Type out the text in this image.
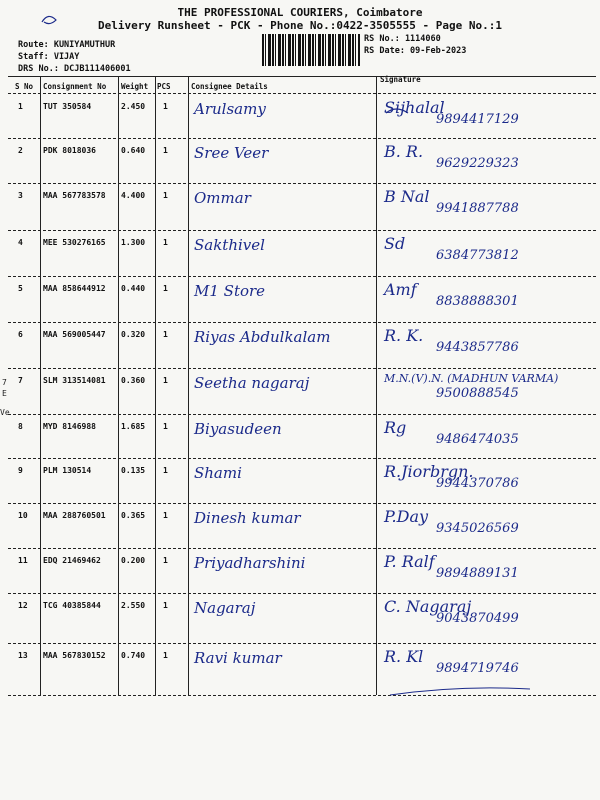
THE PROFESSIONAL COURIERS, Coimbatore
Delivery Runsheet - PCK - Phone No.:0422-3505555 - Page No.:1
Route: KUNIYAMUTHUR
Staff: VIJAY
DRS No.: DCJB111406001
RS No.: 1114060
RS Date: 09-Feb-2023
S No Consignment No Weight PCS	Consignee Details
Signature
1	TUT 350584	2.450 1 Arulsamy	Sijhalal
9894417129
2	PDK 8018036	0.640 1 Sree Veer	B. R.
9629229323
3	MAA 567783578 4.400 1 Ommar	B Nal
9941887788
4	MEE 530276165 1.300 1 Sakthivel	Sd
6384773812
5	MAA 858644912 0.440 1 M1 Store	Amf
8838888301
6	MAA 569005447 0.320 1 Riyas Abdulkalam	R. K.
9443857786
7	SLM 313514081 0.360 1 Seetha nagaraj	M.N.(V).N. (MADHUN VARMA)
9500888545
8	MYD 8146988	1.685 1 Biyasudeen	Rg
9486474035
9	PLM 130514	0.135 1 Shami	R.Jiorbrgn.
9944370786
10 MAA 288760501 0.365 1 Dinesh kumar	P.Day
9345026569
11 EDQ 21469462	0.200 1 Priyadharshini	P. Ralf
9894889131
12 TCG 40385844	2.550 1 Nagaraj	C. Nagaraj
9043870499
13 MAA 567830152 0.740 1 Ravi kumar	R. Kl
9894719746
7
E
Ve
